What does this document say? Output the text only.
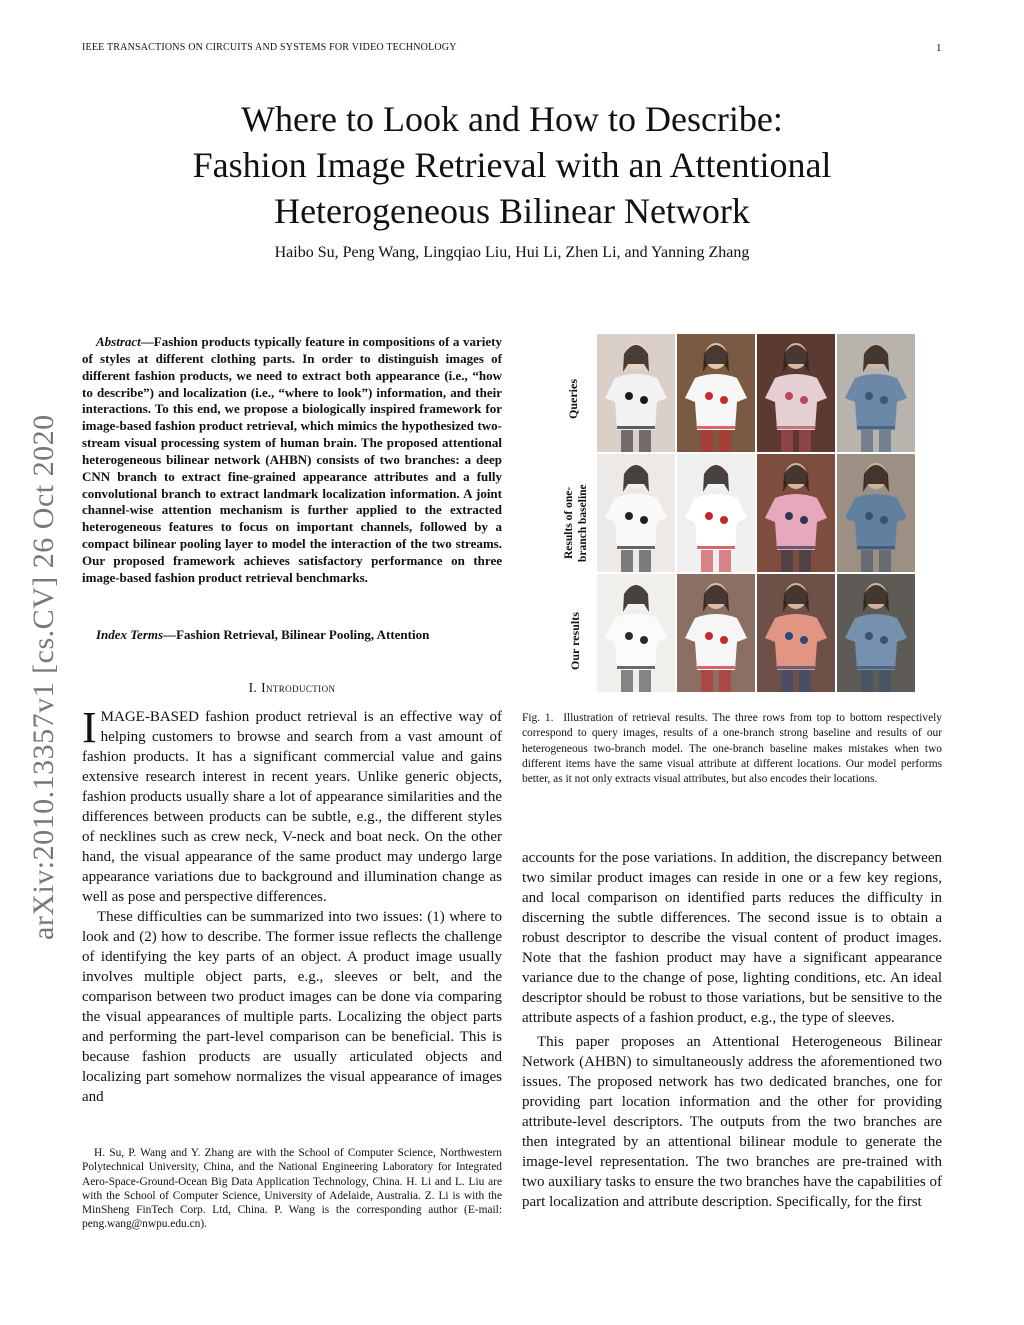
IEEE TRANSACTIONS ON CIRCUITS AND SYSTEMS FOR VIDEO TECHNOLOGY	1
Where to Look and How to Describe:
Fashion Image Retrieval with an Attentional
Heterogeneous Bilinear Network
Haibo Su, Peng Wang, Lingqiao Liu, Hui Li, Zhen Li, and Yanning Zhang
arXiv:2010.13357v1 [cs.CV] 26 Oct 2020
Abstract—Fashion products typically feature in compositions of a variety of styles at different clothing parts. In order to distinguish images of different fashion products, we need to extract both appearance (i.e., “how to describe”) and localization (i.e., “where to look”) information, and their interactions. To this end, we propose a biologically inspired framework for image-based fashion product retrieval, which mimics the hypothesized two-stream visual processing system of human brain. The proposed attentional heterogeneous bilinear network (AHBN) consists of two branches: a deep CNN branch to extract fine-grained appearance attributes and a fully convolutional branch to extract landmark localization information. A joint channel-wise attention mechanism is further applied to the extracted heterogeneous features to focus on important channels, followed by a compact bilinear pooling layer to model the interaction of the two streams. Our proposed framework achieves satisfactory performance on three image-based fashion product retrieval benchmarks.
Index Terms—Fashion Retrieval, Bilinear Pooling, Attention
I. Introduction

IMAGE-BASED fashion product retrieval is an effective way of helping customers to browse and search from a vast amount of fashion products. It has a significant commercial value and gains extensive research interest in recent years. Unlike generic objects, fashion products usually share a lot of appearance similarities and the differences between products can be subtle, e.g., the different styles of necklines such as crew neck, V-neck and boat neck. On the other hand, the visual appearance of the same product may undergo large appearance variations due to background and illumination change as well as pose and perspective differences.

These difficulties can be summarized into two issues: (1) where to look and (2) how to describe. The former issue reflects the challenge of identifying the key parts of an object. A product image usually involves multiple object parts, e.g., sleeves or belt, and the comparison between two product images can be done via comparing the visual appearances of multiple parts. Localizing the object parts and performing the part-level comparison can be beneficial. This is because fashion products are usually articulated objects and localizing part somehow normalizes the visual appearance of images and

H. Su, P. Wang and Y. Zhang are with the School of Computer Science, Northwestern Polytechnical University, China, and the National Engineering Laboratory for Integrated Aero-Space-Ground-Ocean Big Data Application Technology, China. H. Li and L. Liu are with the School of Computer Science, University of Adelaide, Australia. Z. Li is with the MinSheng FinTech Corp. Ltd, China. P. Wang is the corresponding author (E-mail: peng.wang@nwpu.edu.cn).
Queries
Results of one- branch baseline
Our results
Fig. 1. Illustration of retrieval results. The three rows from top to bottom respectively correspond to query images, results of a one-branch strong baseline and results of our heterogeneous two-branch model. The one-branch baseline makes mistakes when two different items have the same visual attribute at different locations. Our model performs better, as it not only extracts visual attributes, but also encodes their locations.

accounts for the pose variations. In addition, the discrepancy between two similar product images can reside in one or a few key regions, and local comparison on identified parts reduces the difficulty in discerning the subtle differences. The second issue is to obtain a robust descriptor to describe the visual content of product images. Note that the fashion product may have a significant appearance variance due to the change of pose, lighting conditions, etc. An ideal descriptor should be robust to those variations, but be sensitive to the attribute aspects of a fashion product, e.g., the type of sleeves.

This paper proposes an Attentional Heterogeneous Bilinear Network (AHBN) to simultaneously address the aforementioned two issues. The proposed network has two dedicated branches, one for providing part location information and the other for providing attribute-level descriptors. The outputs from the two branches are then integrated by an attentional bilinear module to generate the image-level representation. The two branches are pre-trained with two auxiliary tasks to ensure the two branches have the capabilities of part localization and attribute description. Specifically, for the first
